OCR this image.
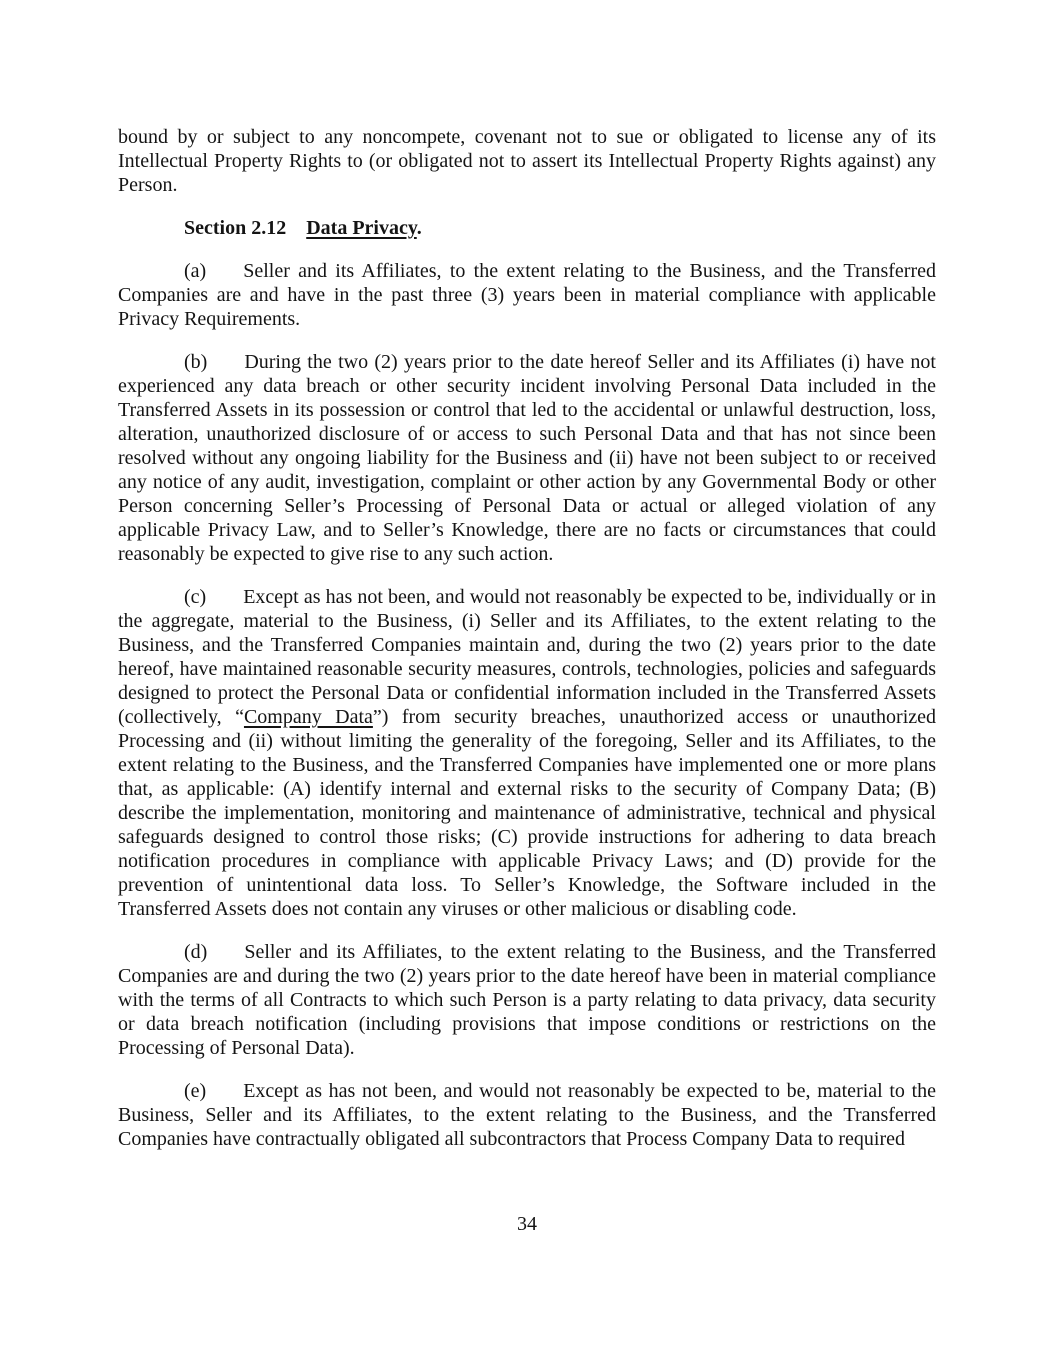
bound by or subject to any noncompete, covenant not to sue or obligated to license any of its Intellectual Property Rights to (or obligated not to assert its Intellectual Property Rights against) any Person.

Section 2.12 Data Privacy.

(a) Seller and its Affiliates, to the extent relating to the Business, and the Transferred Companies are and have in the past three (3) years been in material compliance with applicable Privacy Requirements.

(b) During the two (2) years prior to the date hereof Seller and its Affiliates (i) have not experienced any data breach or other security incident involving Personal Data included in the Transferred Assets in its possession or control that led to the accidental or unlawful destruction, loss, alteration, unauthorized disclosure of or access to such Personal Data and that has not since been resolved without any ongoing liability for the Business and (ii) have not been subject to or received any notice of any audit, investigation, complaint or other action by any Governmental Body or other Person concerning Seller’s Processing of Personal Data or actual or alleged violation of any applicable Privacy Law, and to Seller’s Knowledge, there are no facts or circumstances that could reasonably be expected to give rise to any such action.

(c) Except as has not been, and would not reasonably be expected to be, individually or in the aggregate, material to the Business, (i) Seller and its Affiliates, to the extent relating to the Business, and the Transferred Companies maintain and, during the two (2) years prior to the date hereof, have maintained reasonable security measures, controls, technologies, policies and safeguards designed to protect the Personal Data or confidential information included in the Transferred Assets (collectively, “Company Data”) from security breaches, unauthorized access or unauthorized Processing and (ii) without limiting the generality of the foregoing, Seller and its Affiliates, to the extent relating to the Business, and the Transferred Companies have implemented one or more plans that, as applicable: (A) identify internal and external risks to the security of Company Data; (B) describe the implementation, monitoring and maintenance of administrative, technical and physical safeguards designed to control those risks; (C) provide instructions for adhering to data breach notification procedures in compliance with applicable Privacy Laws; and (D) provide for the prevention of unintentional data loss. To Seller’s Knowledge, the Software included in the Transferred Assets does not contain any viruses or other malicious or disabling code.

(d) Seller and its Affiliates, to the extent relating to the Business, and the Transferred Companies are and during the two (2) years prior to the date hereof have been in material compliance with the terms of all Contracts to which such Person is a party relating to data privacy, data security or data breach notification (including provisions that impose conditions or restrictions on the Processing of Personal Data).

(e) Except as has not been, and would not reasonably be expected to be, material to the Business, Seller and its Affiliates, to the extent relating to the Business, and the Transferred Companies have contractually obligated all subcontractors that Process Company Data to required

34
